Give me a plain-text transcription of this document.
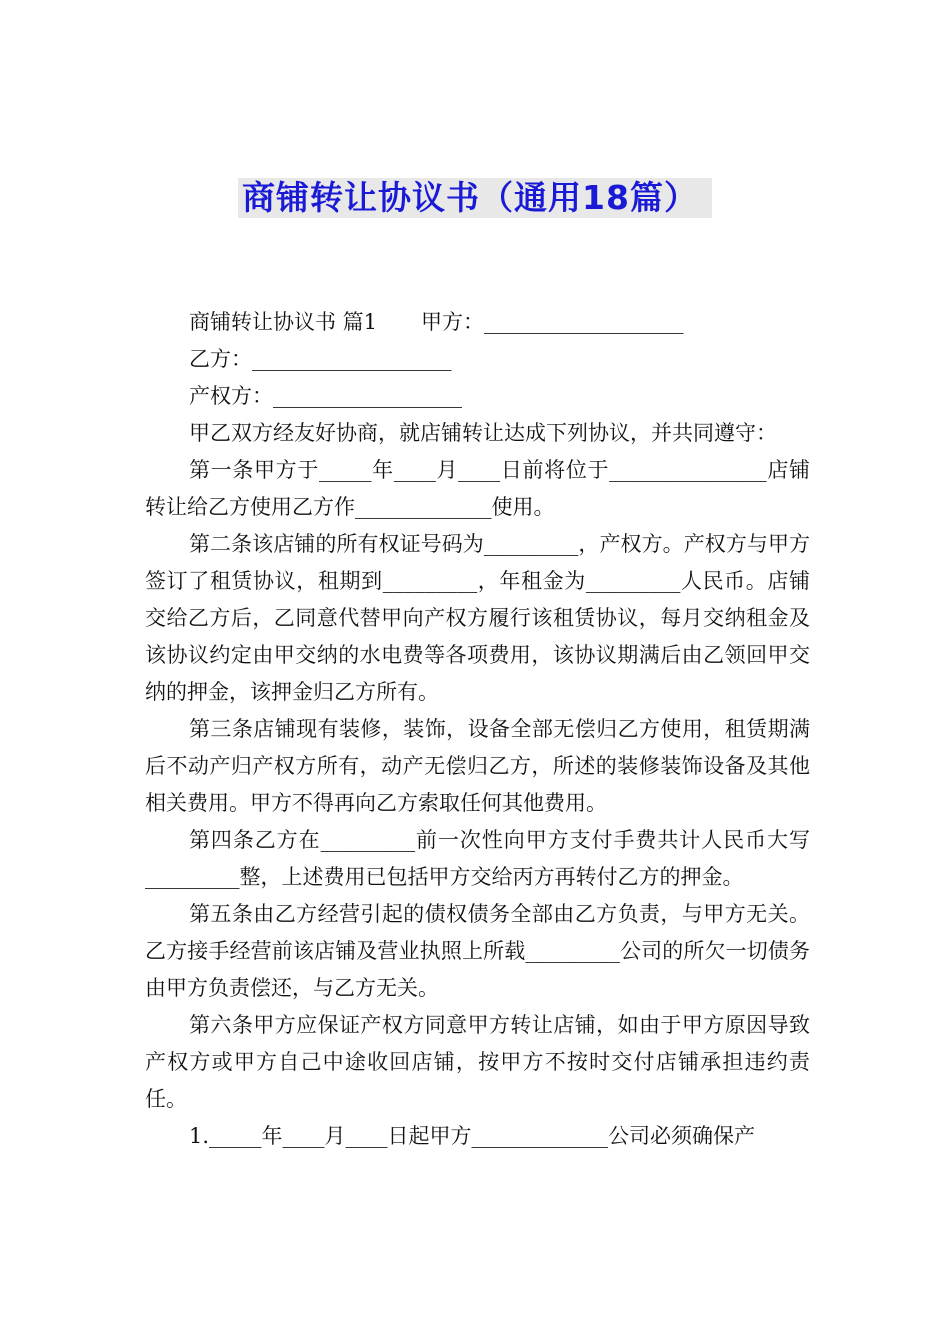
商铺转让协议书（通用18篇）

商铺转让协议书 篇1 甲方：___________________

乙方：___________________

产权方：__________________

甲乙双方经友好协商，就店铺转让达成下列协议，并共同遵守：

第一条甲方于_____年____月____日前将位于_______________店铺转让给乙方使用乙方作_____________使用。

第二条该店铺的所有权证号码为_________，产权方。产权方与甲方签订了租赁协议，租期到_________，年租金为_________人民币。店铺交给乙方后，乙同意代替甲向产权方履行该租赁协议，每月交纳租金及该协议约定由甲交纳的水电费等各项费用，该协议期满后由乙领回甲交纳的押金，该押金归乙方所有。

第三条店铺现有装修，装饰，设备全部无偿归乙方使用，租赁期满后不动产归产权方所有，动产无偿归乙方，所述的装修装饰设备及其他相关费用。甲方不得再向乙方索取任何其他费用。

第四条乙方在_________前一次性向甲方支付手费共计人民币大写_________整，上述费用已包括甲方交给丙方再转付乙方的押金。

第五条由乙方经营引起的债权债务全部由乙方负责，与甲方无关。乙方接手经营前该店铺及营业执照上所载_________公司的所欠一切债务由甲方负责偿还，与乙方无关。

第六条甲方应保证产权方同意甲方转让店铺，如由于甲方原因导致产权方或甲方自己中途收回店铺，按甲方不按时交付店铺承担违约责任。

1._____年____月____日起甲方_____________公司必须确保产
